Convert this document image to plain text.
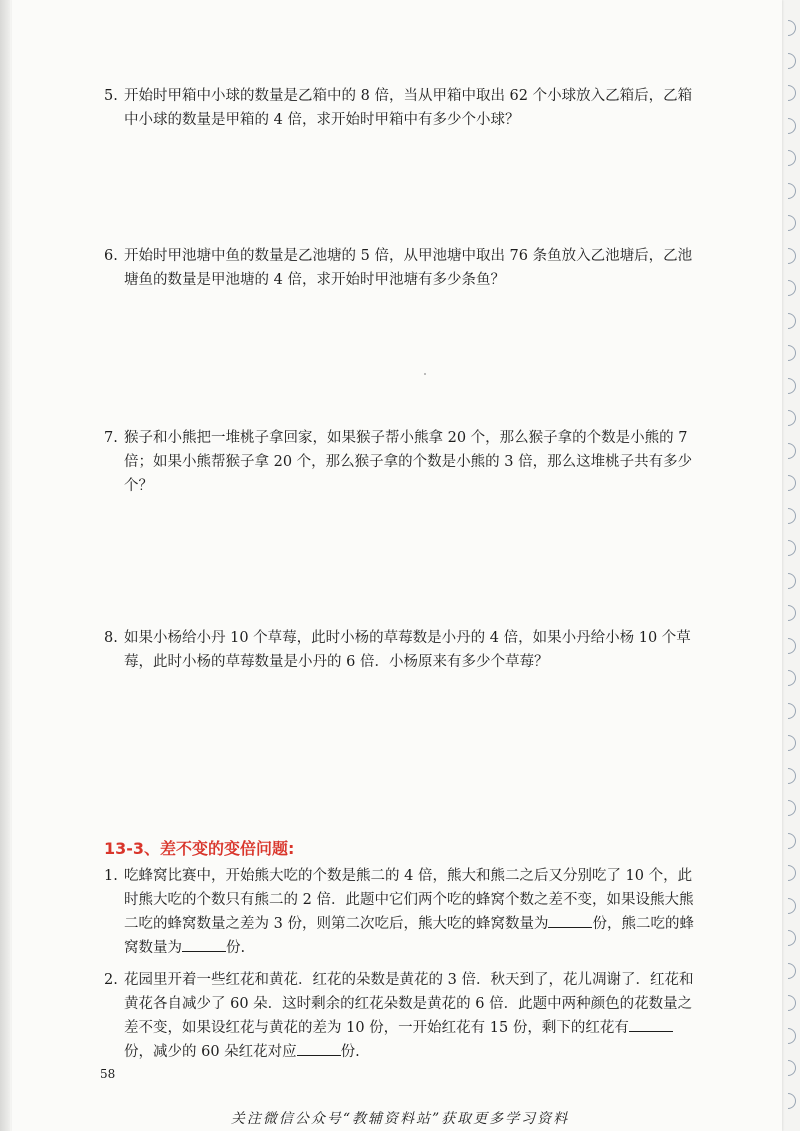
5. 开始时甲箱中小球的数量是乙箱中的 8 倍，当从甲箱中取出 62 个小球放入乙箱后，乙箱中小球的数量是甲箱的 4 倍，求开始时甲箱中有多少个小球？
6. 开始时甲池塘中鱼的数量是乙池塘的 5 倍，从甲池塘中取出 76 条鱼放入乙池塘后，乙池塘鱼的数量是甲池塘的 4 倍，求开始时甲池塘有多少条鱼？
7. 猴子和小熊把一堆桃子拿回家，如果猴子帮小熊拿 20 个，那么猴子拿的个数是小熊的 7 倍；如果小熊帮猴子拿 20 个，那么猴子拿的个数是小熊的 3 倍，那么这堆桃子共有多少个？
8. 如果小杨给小丹 10 个草莓，此时小杨的草莓数是小丹的 4 倍，如果小丹给小杨 10 个草莓，此时小杨的草莓数量是小丹的 6 倍．小杨原来有多少个草莓？
13-3、差不变的变倍问题:
1. 吃蜂窝比赛中，开始熊大吃的个数是熊二的 4 倍，熊大和熊二之后又分别吃了 10 个，此时熊大吃的个数只有熊二的 2 倍．此题中它们两个吃的蜂窝个数之差不变，如果设熊大熊二吃的蜂窝数量之差为 3 份，则第二次吃后，熊大吃的蜂窝数量为	份，熊二吃的蜂窝数量为	份.
2. 花园里开着一些红花和黄花．红花的朵数是黄花的 3 倍．秋天到了，花儿凋谢了．红花和黄花各自减少了 60 朵．这时剩余的红花朵数是黄花的 6 倍．此题中两种颜色的花数量之差不变，如果设红花与黄花的差为 10 份，一开始红花有 15 份，剩下的红花有份，减少的 60 朵红花对应	份.
58
关注微信公众号“教辅资料站”获取更多学习资料
